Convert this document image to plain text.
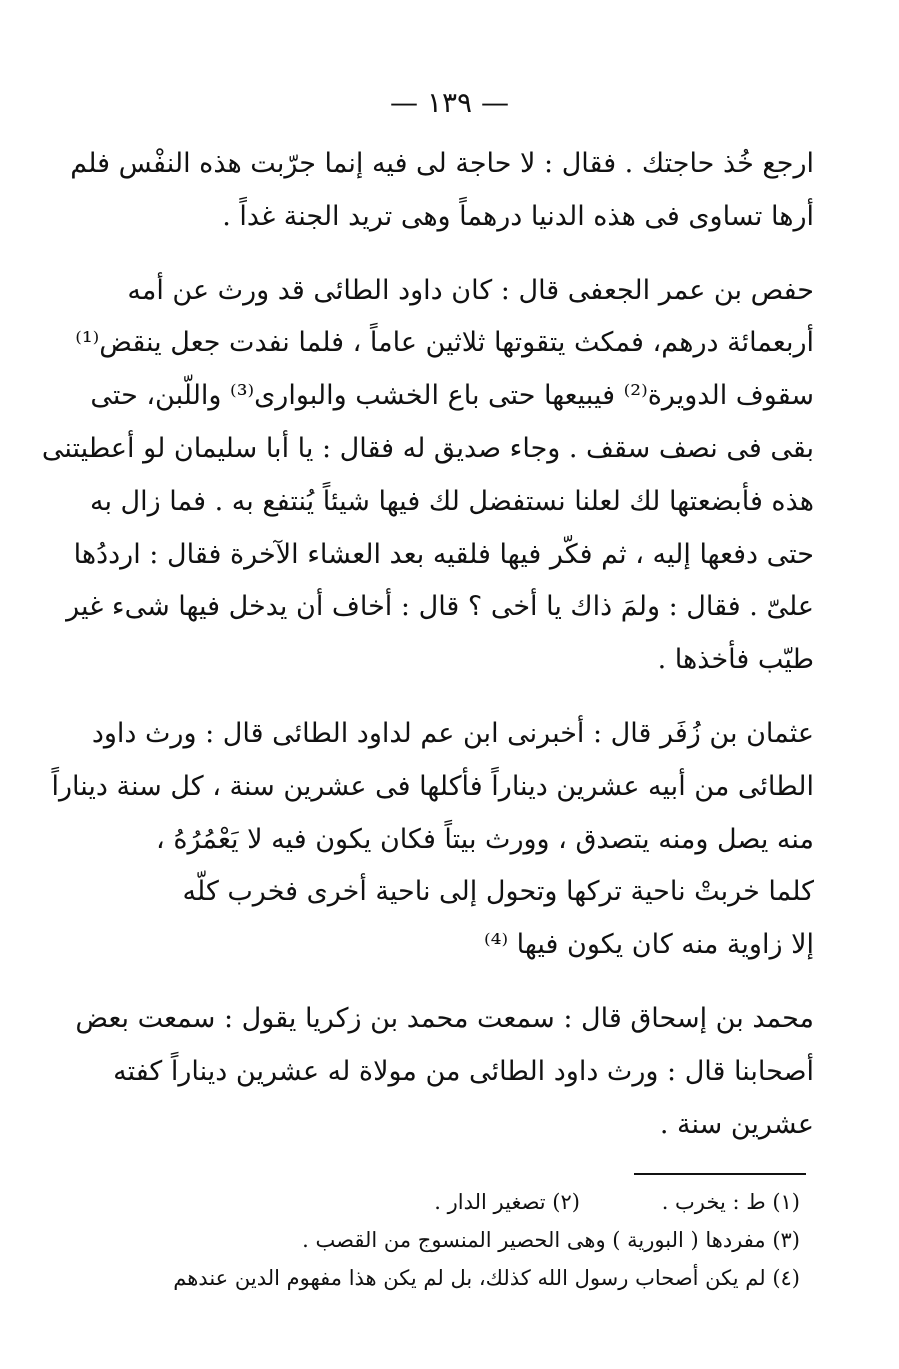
— ١٣٩ —

ارجع خُذ حاجتك . فقال : لا حاجة لى فيه إنما جرّبت هذه النفْس فلم
أرها تساوى فى هذه الدنيا درهماً وهى تريد الجنة غداً .

حفص بن عمر الجعفى قال : كان داود الطائى قد ورث عن أمه
أربعمائة درهم، فمكث يتقوتها ثلاثين عاماً ، فلما نفدت جعل ينقض⁽¹⁾
سقوف الدويرة⁽²⁾ فيبيعها حتى باع الخشب والبوارى⁽³⁾ واللّبن، حتى
بقى فى نصف سقف . وجاء صديق له فقال : يا أبا سليمان لو أعطيتنى
هذه فأبضعتها لك لعلنا نستفضل لك فيها شيئاً يُنتفع به . فما زال به
حتى دفعها إليه ، ثم فكّر فيها فلقيه بعد العشاء الآخرة فقال : ارددُها
علىّ . فقال : ولمَ ذاك يا أخى ؟ قال : أخاف أن يدخل فيها شىء غير
طيّب فأخذها .

عثمان بن زُفَر قال : أخبرنى ابن عم لداود الطائى قال : ورث داود
الطائى من أبيه عشرين ديناراً فأكلها فى عشرين سنة ، كل سنة ديناراً
منه يصل ومنه يتصدق ، وورث بيتاً فكان يكون فيه لا يَعْمُرُهُ ،
كلما خربتْ ناحية تركها وتحول إلى ناحية أخرى فخرب كلّه
إلا زاوية منه كان يكون فيها ⁽⁴⁾

محمد بن إسحاق قال : سمعت محمد بن زكريا يقول : سمعت بعض
أصحابنا قال : ورث داود الطائى من مولاة له عشرين ديناراً كفته
عشرين سنة .

(١) ط : يخرب .
(٢) تصغير الدار .
(٣) مفردها ( البورية ) وهى الحصير المنسوج من القصب .
(٤) لم يكن أصحاب رسول الله كذلك، بل لم يكن هذا مفهوم الدين عندهم
